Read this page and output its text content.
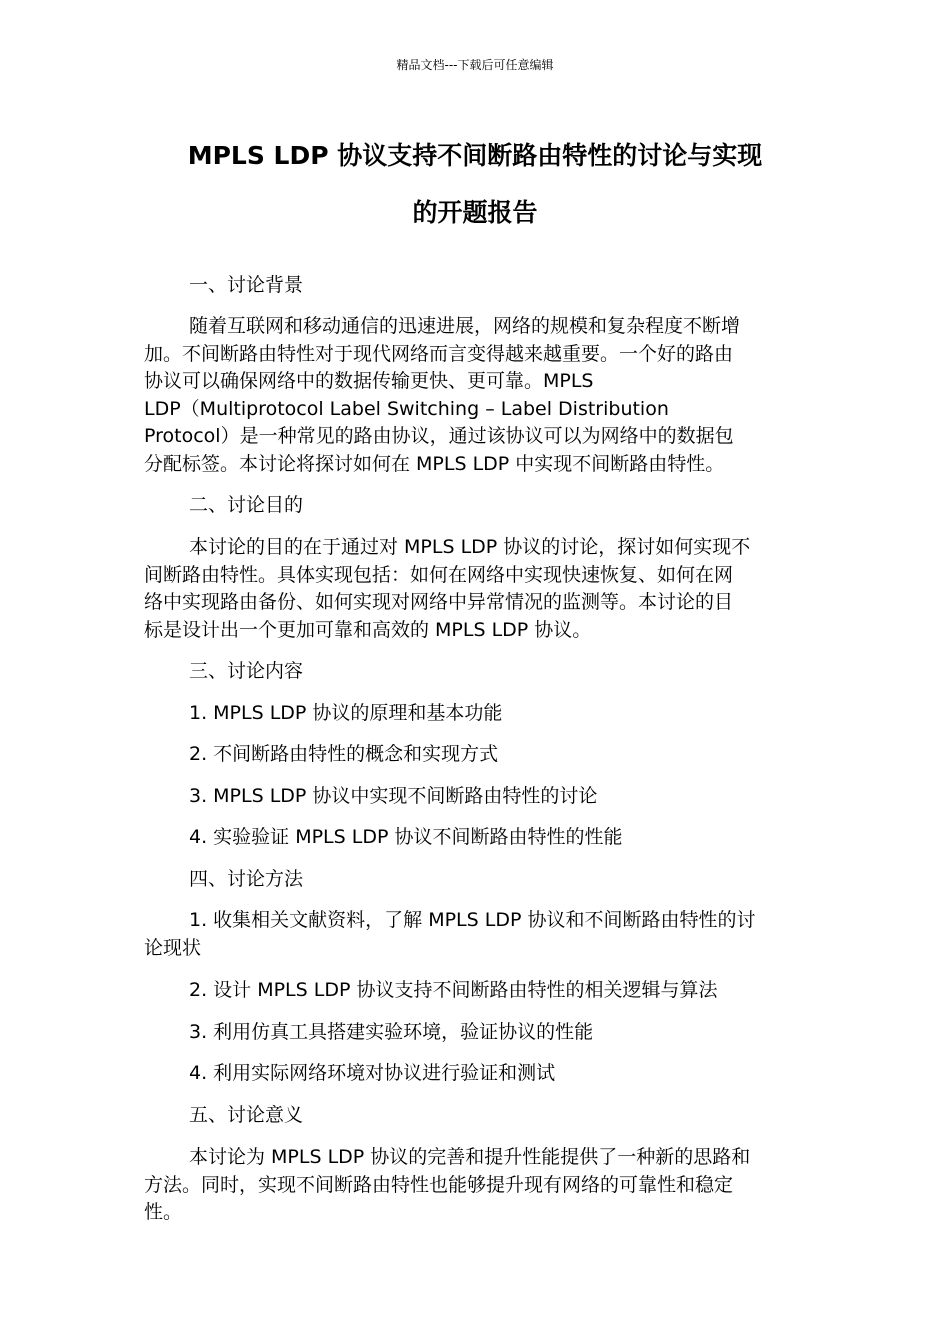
精品文档---下载后可任意编辑
MPLS LDP 协议支持不间断路由特性的讨论与实现
的开题报告
一、讨论背景
随着互联网和移动通信的迅速进展，网络的规模和复杂程度不断增
加。不间断路由特性对于现代网络而言变得越来越重要。一个好的路由
协议可以确保网络中的数据传输更快、更可靠。MPLS
LDP（Multiprotocol Label Switching – Label Distribution
Protocol）是一种常见的路由协议，通过该协议可以为网络中的数据包
分配标签。本讨论将探讨如何在 MPLS LDP 中实现不间断路由特性。
二、讨论目的
本讨论的目的在于通过对 MPLS LDP 协议的讨论，探讨如何实现不
间断路由特性。具体实现包括：如何在网络中实现快速恢复、如何在网
络中实现路由备份、如何实现对网络中异常情况的监测等。本讨论的目
标是设计出一个更加可靠和高效的 MPLS LDP 协议。
三、讨论内容
1. MPLS LDP 协议的原理和基本功能
2. 不间断路由特性的概念和实现方式
3. MPLS LDP 协议中实现不间断路由特性的讨论
4. 实验验证 MPLS LDP 协议不间断路由特性的性能
四、讨论方法
1. 收集相关文献资料，了解 MPLS LDP 协议和不间断路由特性的讨
论现状
2. 设计 MPLS LDP 协议支持不间断路由特性的相关逻辑与算法
3. 利用仿真工具搭建实验环境，验证协议的性能
4. 利用实际网络环境对协议进行验证和测试
五、讨论意义
本讨论为 MPLS LDP 协议的完善和提升性能提供了一种新的思路和
方法。同时，实现不间断路由特性也能够提升现有网络的可靠性和稳定
性。
